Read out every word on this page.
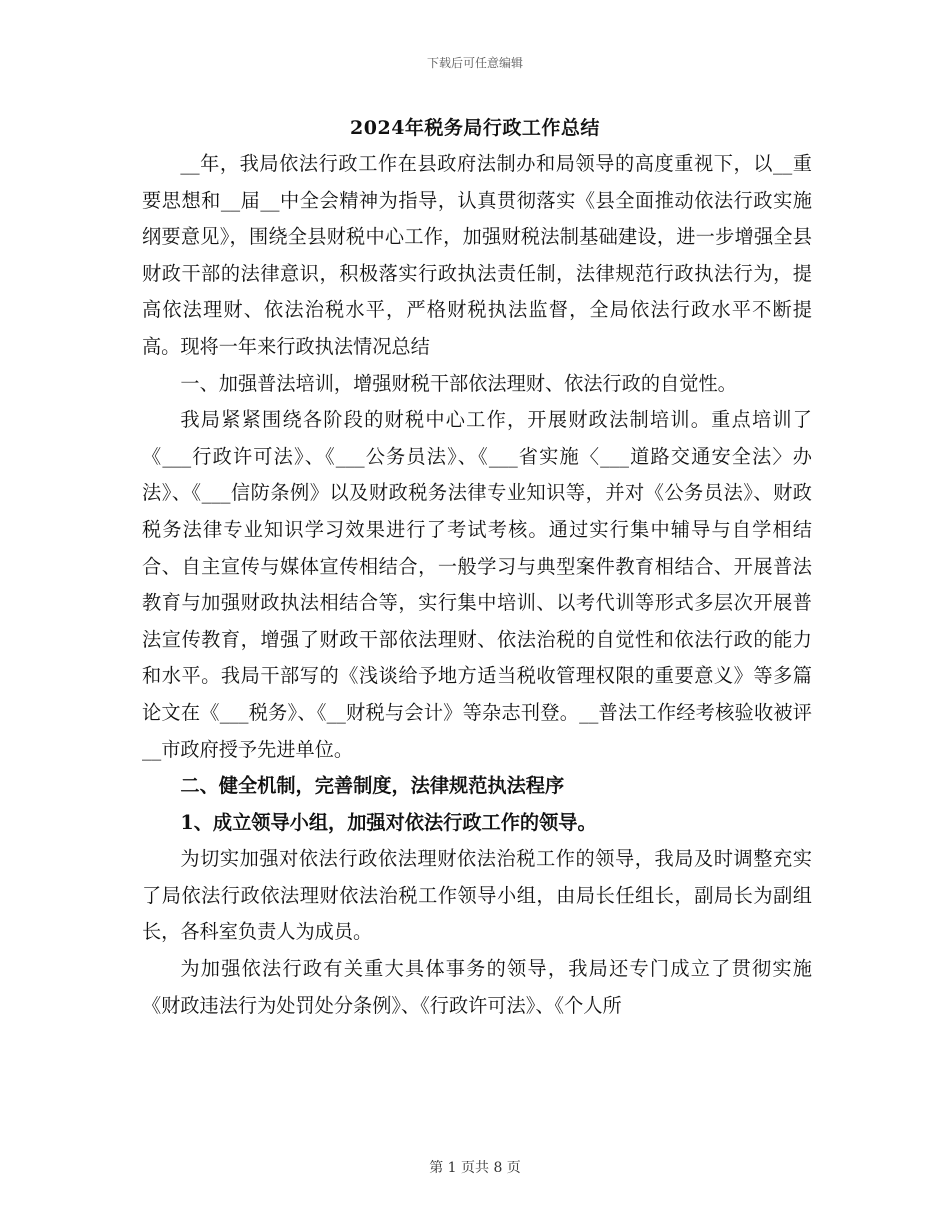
下载后可任意编辑
2024年税务局行政工作总结

__年，我局依法行政工作在县政府法制办和局领导的高度重视下，以__重要思想和__届__中全会精神为指导，认真贯彻落实《县全面推动依法行政实施纲要意见》，围绕全县财税中心工作，加强财税法制基础建设，进一步增强全县财政干部的法律意识，积极落实行政执法责任制，法律规范行政执法行为，提高依法理财、依法治税水平，严格财税执法监督，全局依法行政水平不断提高。现将一年来行政执法情况总结

一、加强普法培训，增强财税干部依法理财、依法行政的自觉性。

我局紧紧围绕各阶段的财税中心工作，开展财政法制培训。重点培训了《___行政许可法》、《___公务员法》、《___省实施〈___道路交通安全法〉办法》、《___信防条例》以及财政税务法律专业知识等，并对《公务员法》、财政税务法律专业知识学习效果进行了考试考核。通过实行集中辅导与自学相结合、自主宣传与媒体宣传相结合，一般学习与典型案件教育相结合、开展普法教育与加强财政执法相结合等，实行集中培训、以考代训等形式多层次开展普法宣传教育，增强了财政干部依法理财、依法治税的自觉性和依法行政的能力和水平。我局干部写的《浅谈给予地方适当税收管理权限的重要意义》等多篇论文在《___税务》、《__财税与会计》等杂志刊登。__普法工作经考核验收被评__市政府授予先进单位。

二、健全机制，完善制度，法律规范执法程序

1、成立领导小组，加强对依法行政工作的领导。

为切实加强对依法行政依法理财依法治税工作的领导，我局及时调整充实了局依法行政依法理财依法治税工作领导小组，由局长任组长，副局长为副组长，各科室负责人为成员。

为加强依法行政有关重大具体事务的领导，我局还专门成立了贯彻实施《财政违法行为处罚处分条例》、《行政许可法》、《个人所

第 1 页共 8 页
